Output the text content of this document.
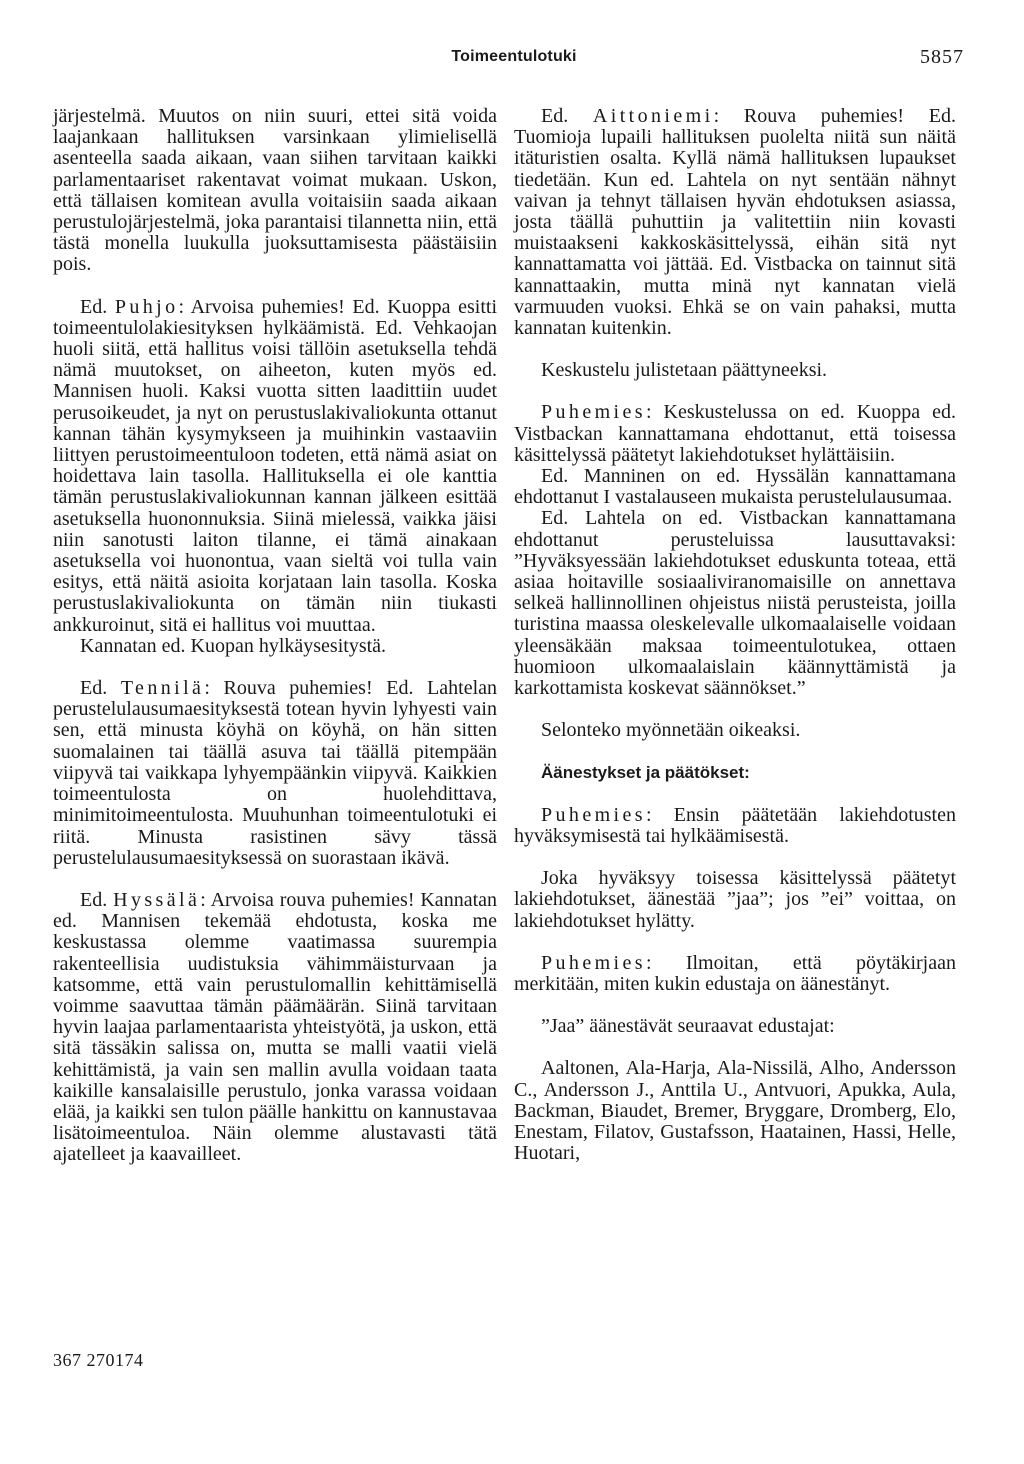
Toimeentulotuki	5857

järjestelmä. Muutos on niin suuri, ettei sitä voida laajankaan hallituksen varsinkaan ylimielisellä asenteella saada aikaan, vaan siihen tarvitaan kaikki parlamentaariset rakentavat voimat mukaan. Uskon, että tällaisen komitean avulla voitaisiin saada aikaan perustulojärjestelmä, joka parantaisi tilannetta niin, että tästä monella luukulla juoksuttamisesta päästäisiin pois.

Ed. Puhjo: Arvoisa puhemies! Ed. Kuoppa esitti toimeentulolakiesityksen hylkäämistä. Ed. Vehkaojan huoli siitä, että hallitus voisi tällöin asetuksella tehdä nämä muutokset, on aiheeton, kuten myös ed. Mannisen huoli. Kaksi vuotta sitten laadittiin uudet perusoikeudet, ja nyt on perustuslakivaliokunta ottanut kannan tähän kysymykseen ja muihinkin vastaaviin liittyen perustoimeentuloon todeten, että nämä asiat on hoidettava lain tasolla. Hallituksella ei ole kanttia tämän perustuslakivaliokunnan kannan jälkeen esittää asetuksella huononnuksia. Siinä mielessä, vaikka jäisi niin sanotusti laiton tilanne, ei tämä ainakaan asetuksella voi huonontua, vaan sieltä voi tulla vain esitys, että näitä asioita korjataan lain tasolla. Koska perustuslakivaliokunta on tämän niin tiukasti ankkuroinut, sitä ei hallitus voi muuttaa.

Kannatan ed. Kuopan hylkäysesitystä.

Ed. Tennilä: Rouva puhemies! Ed. Lahtelan perustelulausumaesityksestä totean hyvin lyhyesti vain sen, että minusta köyhä on köyhä, on hän sitten suomalainen tai täällä asuva tai täällä pitempään viipyvä tai vaikkapa lyhyempäänkin viipyvä. Kaikkien toimeentulosta on huolehdittava, minimitoimeentulosta. Muuhunhan toimeentulotuki ei riitä. Minusta rasistinen sävy tässä perustelulausumaesityksessä on suorastaan ikävä.

Ed. Hyssälä: Arvoisa rouva puhemies! Kannatan ed. Mannisen tekemää ehdotusta, koska me keskustassa olemme vaatimassa suurempia rakenteellisia uudistuksia vähimmäisturvaan ja katsomme, että vain perustulomallin kehittämisellä voimme saavuttaa tämän päämäärän. Siinä tarvitaan hyvin laajaa parlamentaarista yhteistyötä, ja uskon, että sitä tässäkin salissa on, mutta se malli vaatii vielä kehittämistä, ja vain sen mallin avulla voidaan taata kaikille kansalaisille perustulo, jonka varassa voidaan elää, ja kaikki sen tulon päälle hankittu on kannustavaa lisätoimeentuloa. Näin olemme alustavasti tätä ajatelleet ja kaavailleet.

Ed. Aittoniemi: Rouva puhemies! Ed. Tuomioja lupaili hallituksen puolelta niitä sun näitä itäturistien osalta. Kyllä nämä hallituksen lupaukset tiedetään. Kun ed. Lahtela on nyt sentään nähnyt vaivan ja tehnyt tällaisen hyvän ehdotuksen asiassa, josta täällä puhuttiin ja valitettiin niin kovasti muistaakseni kakkoskäsittelyssä, eihän sitä nyt kannattamatta voi jättää. Ed. Vistbacka on tainnut sitä kannattaakin, mutta minä nyt kannatan vielä varmuuden vuoksi. Ehkä se on vain pahaksi, mutta kannatan kuitenkin.

Keskustelu julistetaan päättyneeksi.

Puhemies: Keskustelussa on ed. Kuoppa ed. Vistbackan kannattamana ehdottanut, että toisessa käsittelyssä päätetyt lakiehdotukset hylättäisiin.

Ed. Manninen on ed. Hyssälän kannattamana ehdottanut I vastalauseen mukaista perustelulausumaa.

Ed. Lahtela on ed. Vistbackan kannattamana ehdottanut perusteluissa lausuttavaksi: ”Hyväksyessään lakiehdotukset eduskunta toteaa, että asiaa hoitaville sosiaaliviranomaisille on annettava selkeä hallinnollinen ohjeistus niistä perusteista, joilla turistina maassa oleskelevalle ulkomaalaiselle voidaan yleensäkään maksaa toimeentulotukea, ottaen huomioon ulkomaalaislain käännyttämistä ja karkottamista koskevat säännökset.”

Selonteko myönnetään oikeaksi.

Äänestykset ja päätökset:

Puhemies: Ensin päätetään lakiehdotusten hyväksymisestä tai hylkäämisestä.

Joka hyväksyy toisessa käsittelyssä päätetyt lakiehdotukset, äänestää ”jaa”; jos ”ei” voittaa, on lakiehdotukset hylätty.

Puhemies: Ilmoitan, että pöytäkirjaan merkitään, miten kukin edustaja on äänestänyt.

”Jaa” äänestävät seuraavat edustajat:

Aaltonen, Ala-Harja, Ala-Nissilä, Alho, Andersson C., Andersson J., Anttila U., Antvuori, Apukka, Aula, Backman, Biaudet, Bremer, Bryggare, Dromberg, Elo, Enestam, Filatov, Gustafsson, Haatainen, Hassi, Helle, Huotari,

367 270174
